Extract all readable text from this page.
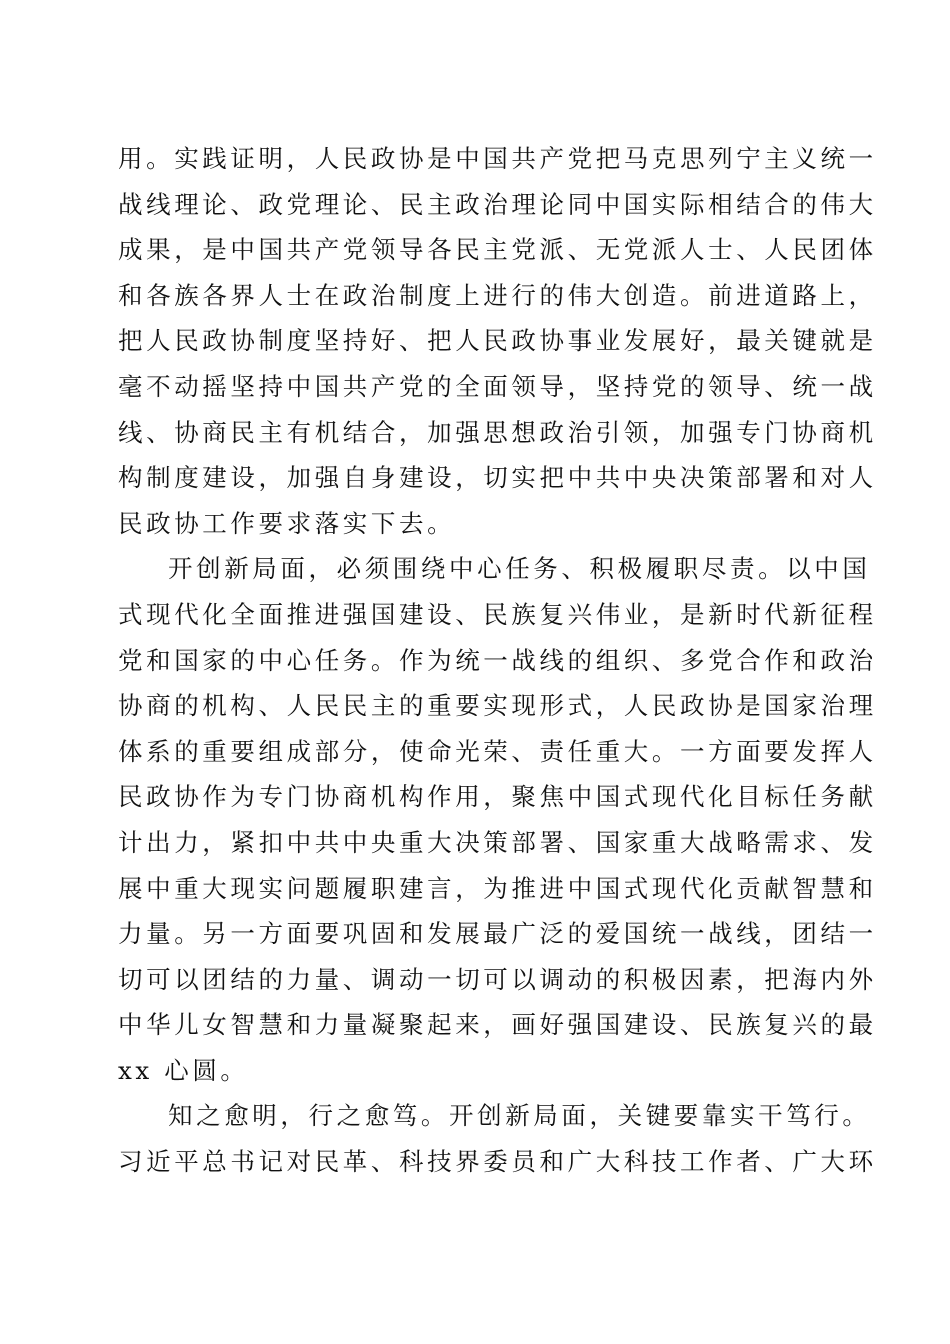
用。实践证明，人民政协是中国共产党把马克思列宁主义统一
战线理论、政党理论、民主政治理论同中国实际相结合的伟大
成果，是中国共产党领导各民主党派、无党派人士、人民团体
和各族各界人士在政治制度上进行的伟大创造。前进道路上，
把人民政协制度坚持好、把人民政协事业发展好，最关键就是
毫不动摇坚持中国共产党的全面领导，坚持党的领导、统一战
线、协商民主有机结合，加强思想政治引领，加强专门协商机
构制度建设，加强自身建设，切实把中共中央决策部署和对人
民政协工作要求落实下去。
开创新局面，必须围绕中心任务、积极履职尽责。以中国
式现代化全面推进强国建设、民族复兴伟业，是新时代新征程
党和国家的中心任务。作为统一战线的组织、多党合作和政治
协商的机构、人民民主的重要实现形式，人民政协是国家治理
体系的重要组成部分，使命光荣、责任重大。一方面要发挥人
民政协作为专门协商机构作用，聚焦中国式现代化目标任务献
计出力，紧扣中共中央重大决策部署、国家重大战略需求、发
展中重大现实问题履职建言，为推进中国式现代化贡献智慧和
力量。另一方面要巩固和发展最广泛的爱国统一战线，团结一
切可以团结的力量、调动一切可以调动的积极因素，把海内外
中华儿女智慧和力量凝聚起来，画好强国建设、民族复兴的最
xx 心圆。
知之愈明，行之愈笃。开创新局面，关键要靠实干笃行。
习近平总书记对民革、科技界委员和广大科技工作者、广大环
